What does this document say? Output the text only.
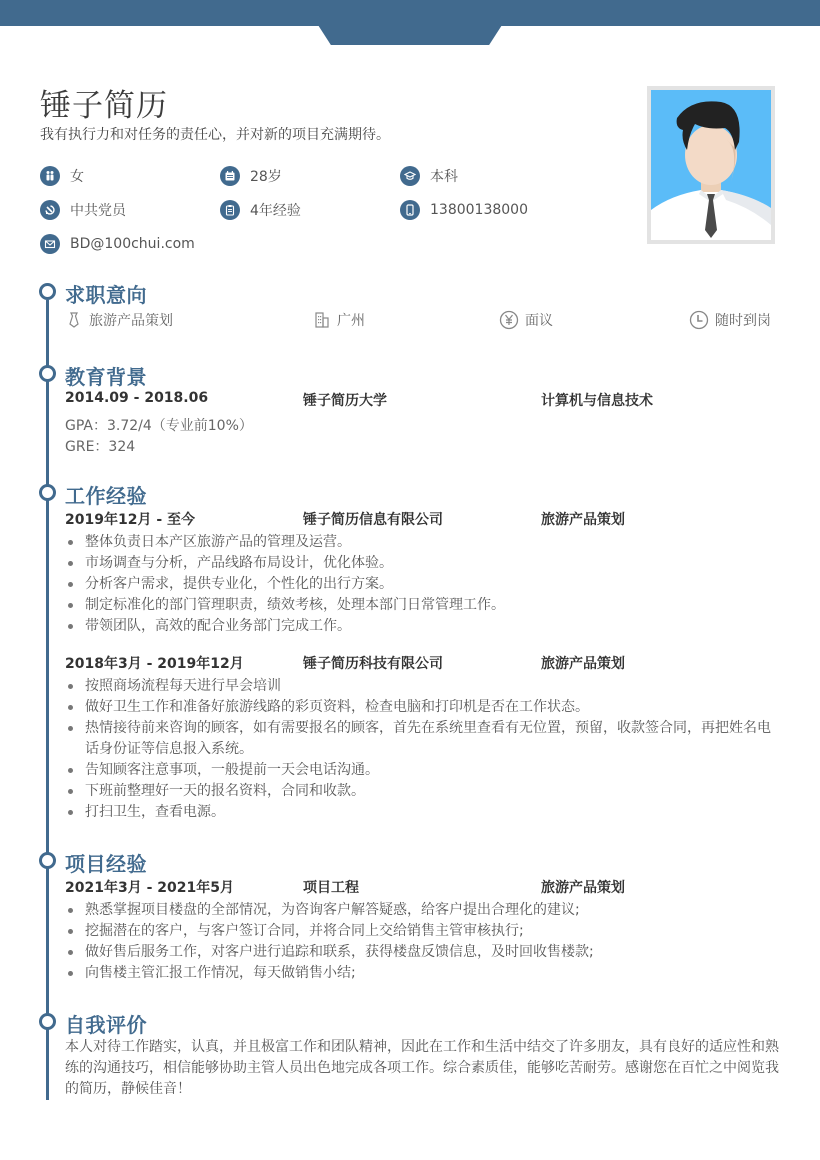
锤子简历
我有执行力和对任务的责任心，并对新的项目充满期待。
女	28岁	本科
中共党员	4年经验	13800138000
BD@100chui.com
求职意向
旅游产品策划	广州	面议	随时到岗
教育背景
2014.09 - 2018.06	锤子简历大学	计算机与信息技术
GPA：3.72/4（专业前10%）
GRE：324
工作经验
2019年12月 - 至今	锤子简历信息有限公司	旅游产品策划
整体负责日本产区旅游产品的管理及运营。
市场调查与分析，产品线路布局设计，优化体验。
分析客户需求，提供专业化，个性化的出行方案。
制定标准化的部门管理职责，绩效考核，处理本部门日常管理工作。
带领团队，高效的配合业务部门完成工作。
2018年3月 - 2019年12月	锤子简历科技有限公司	旅游产品策划
按照商场流程每天进行早会培训
做好卫生工作和准备好旅游线路的彩页资料，检查电脑和打印机是否在工作状态。
热情接待前来咨询的顾客，如有需要报名的顾客，首先在系统里查看有无位置，预留，收款签合同，再把姓名电话身份证等信息报入系统。
告知顾客注意事项，一般提前一天会电话沟通。
下班前整理好一天的报名资料，合同和收款。
打扫卫生，查看电源。
项目经验
2021年3月 - 2021年5月	项目工程	旅游产品策划
熟悉掌握项目楼盘的全部情况，为咨询客户解答疑惑，给客户提出合理化的建议;
挖掘潜在的客户，与客户签订合同，并将合同上交给销售主管审核执行;
做好售后服务工作，对客户进行追踪和联系，获得楼盘反馈信息，及时回收售楼款;
向售楼主管汇报工作情况，每天做销售小结;
自我评价

本人对待工作踏实，认真，并且极富工作和团队精神，因此在工作和生活中结交了许多朋友，具有良好的适应性和熟练的沟通技巧，相信能够协助主管人员出色地完成各项工作。综合素质佳，能够吃苦耐劳。感谢您在百忙之中阅览我的简历，静候佳音！
